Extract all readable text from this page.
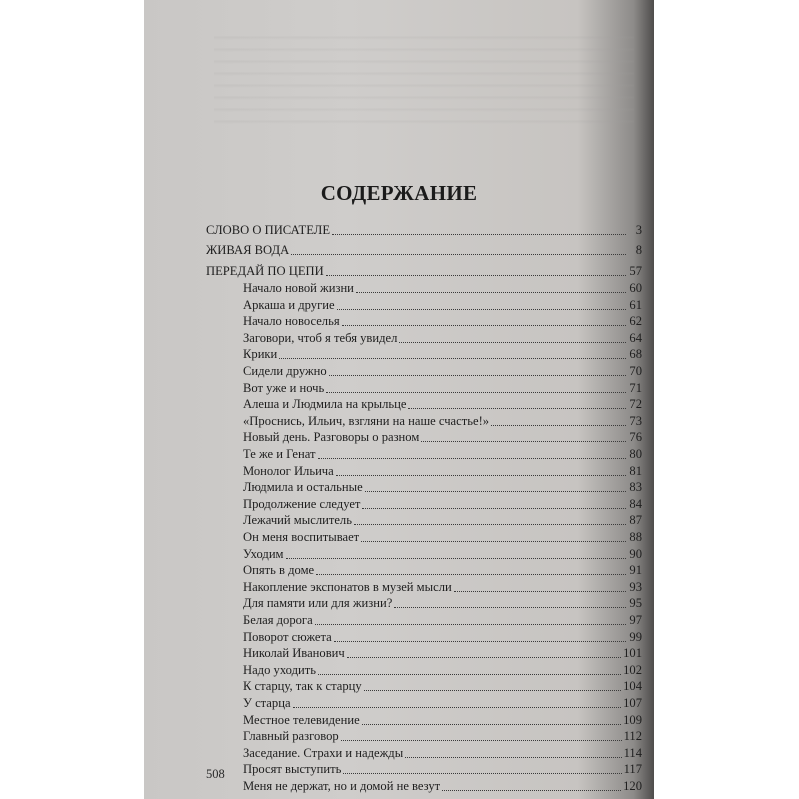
СОДЕРЖАНИЕ
СЛОВО О ПИСАТЕЛЕ	3
ЖИВАЯ ВОДА	8
ПЕРЕДАЙ ПО ЦЕПИ	57
Начало новой жизни	60
Аркаша и другие	61
Начало новоселья	62
Заговори, чтоб я тебя увидел	64
Крики	68
Сидели дружно	70
Вот уже и ночь	71
Алеша и Людмила на крыльце	72
«Проснись, Ильич, взгляни на наше счастье!»	73
Новый день. Разговоры о разном	76
Те же и Генат	80
Монолог Ильича	81
Людмила и остальные	83
Продолжение следует	84
Лежачий мыслитель	87
Он меня воспитывает	88
Уходим	90
Опять в доме	91
Накопление экспонатов в музей мысли	93
Для памяти или для жизни?	95
Белая дорога	97
Поворот сюжета	99
Николай Иванович	101
Надо уходить	102
К старцу, так к старцу	104
У старца	107
Местное телевидение	109
Главный разговор	112
Заседание. Страхи и надежды	114
Просят выступить	117
Меня не держат, но и домой не везут	120
508
